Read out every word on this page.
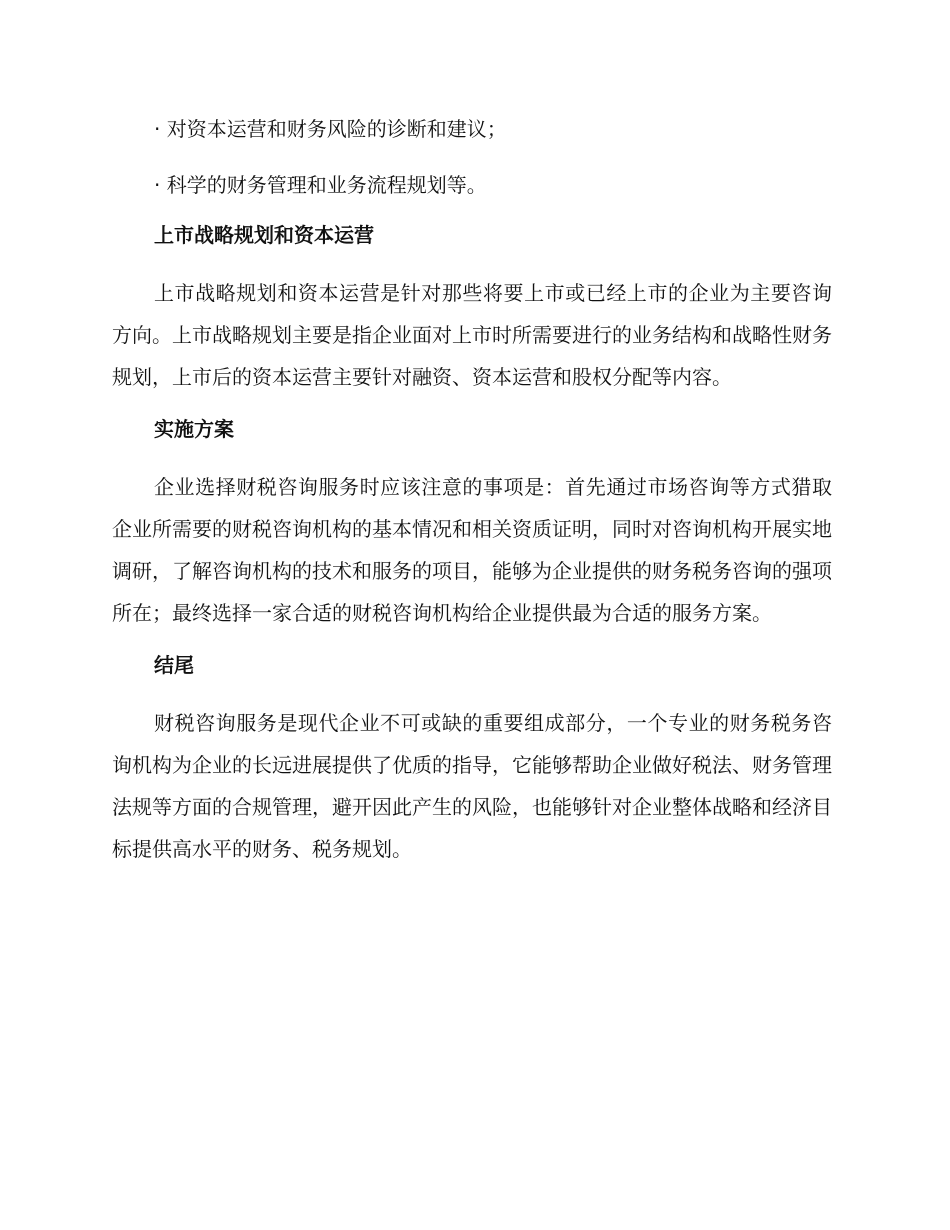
· 对资本运营和财务风险的诊断和建议；
· 科学的财务管理和业务流程规划等。
上市战略规划和资本运营

上市战略规划和资本运营是针对那些将要上市或已经上市的企业为主要咨询方向。上市战略规划主要是指企业面对上市时所需要进行的业务结构和战略性财务规划，上市后的资本运营主要针对融资、资本运营和股权分配等内容。

实施方案

企业选择财税咨询服务时应该注意的事项是：首先通过市场咨询等方式猎取企业所需要的财税咨询机构的基本情况和相关资质证明，同时对咨询机构开展实地调研，了解咨询机构的技术和服务的项目，能够为企业提供的财务税务咨询的强项所在；最终选择一家合适的财税咨询机构给企业提供最为合适的服务方案。

结尾

财税咨询服务是现代企业不可或缺的重要组成部分，一个专业的财务税务咨询机构为企业的长远进展提供了优质的指导，它能够帮助企业做好税法、财务管理法规等方面的合规管理，避开因此产生的风险，也能够针对企业整体战略和经济目标提供高水平的财务、税务规划。
